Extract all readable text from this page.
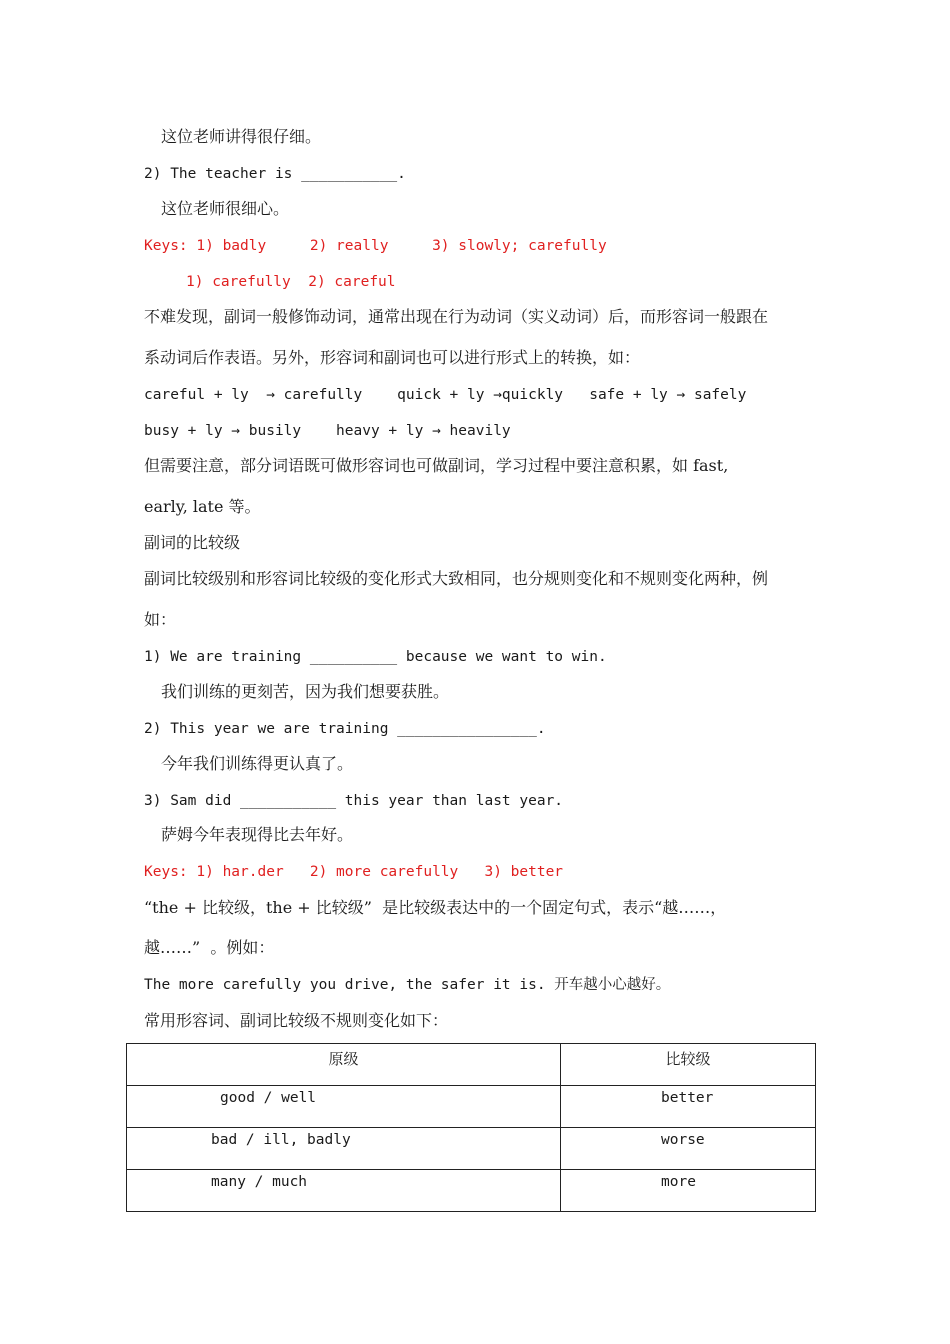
这位老师讲得很仔细。
2) The teacher is ___________.
这位老师很细心。
Keys: 1) badly     2) really     3) slowly; carefully
1) carefully  2) careful
不难发现，副词一般修饰动词，通常出现在行为动词（实义动词）后，而形容词一般跟在
系动词后作表语。另外，形容词和副词也可以进行形式上的转换，如：
careful + ly  → carefully    quick + ly →quickly   safe + ly → safely
busy + ly → busily    heavy + ly → heavily
但需要注意，部分词语既可做形容词也可做副词，学习过程中要注意积累，如 fast,
early, late 等。
副词的比较级
副词比较级别和形容词比较级的变化形式大致相同，也分规则变化和不规则变化两种，例
如：
1) We are training __________ because we want to win.
我们训练的更刻苦，因为我们想要获胜。
2) This year we are training ________________.
今年我们训练得更认真了。
3) Sam did ___________ this year than last year.
萨姆今年表现得比去年好。
Keys: 1) har.der   2) more carefully   3) better
“the + 比较级，the + 比较级”  是比较级表达中的一个固定句式，表示“越……，
越……”  。例如：
The more carefully you drive, the safer it is. 开车越小心越好。
常用形容词、副词比较级不规则变化如下：
原级	比较级
good / well	better
bad / ill, badly	worse
many / much	more
